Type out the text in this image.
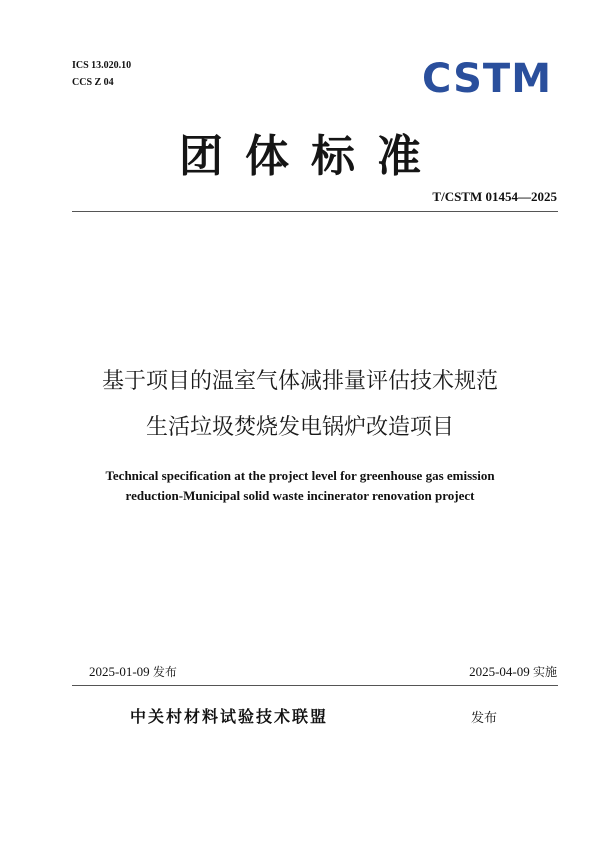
ICS 13.020.10
CCS Z 04	CSTM
团体标准
T/CSTM 01454—2025
基于项目的温室气体减排量评估技术规范
生活垃圾焚烧发电锅炉改造项目
Technical specification at the project level for greenhouse gas emission
reduction-Municipal solid waste incinerator renovation project
2025-01-09 发布	2025-04-09 实施
中关村材料试验技术联盟	发布
